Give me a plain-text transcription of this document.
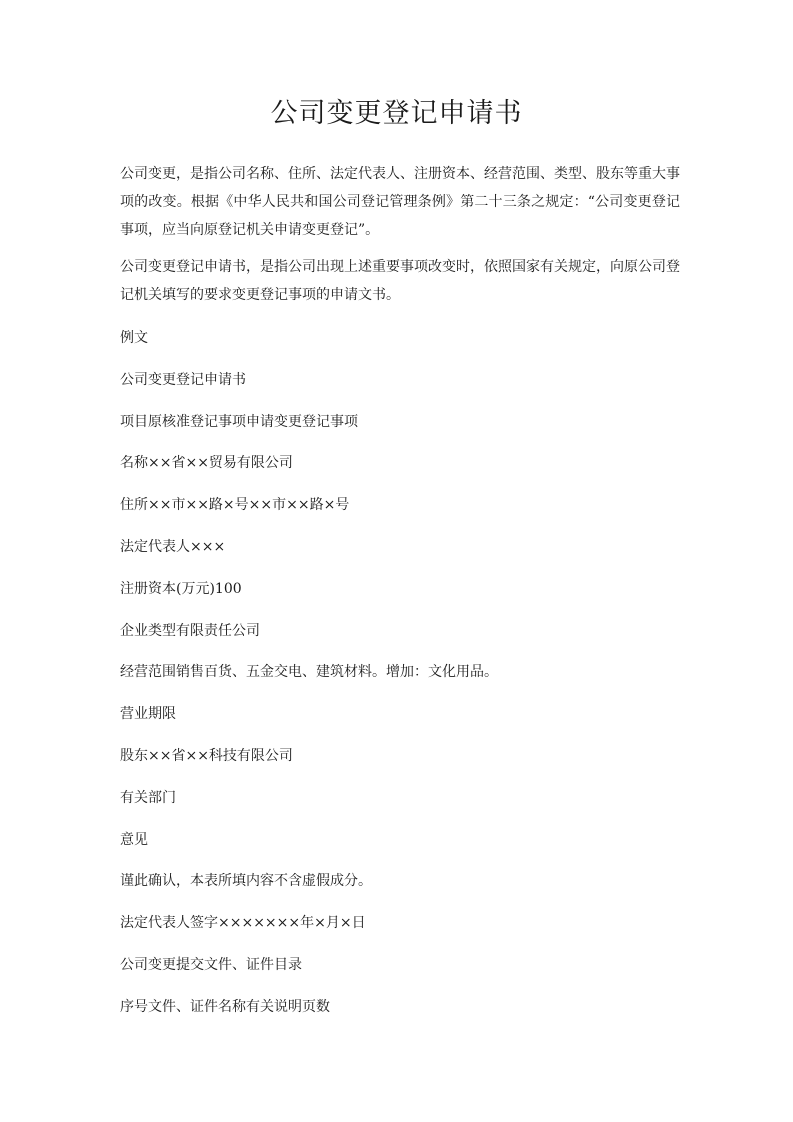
公司变更登记申请书

公司变更，是指公司名称、住所、法定代表人、注册资本、经营范围、类型、股东等重大事项的改变。根据《中华人民共和国公司登记管理条例》第二十三条之规定：“公司变更登记事项，应当向原登记机关申请变更登记”。

公司变更登记申请书，是指公司出现上述重要事项改变时，依照国家有关规定，向原公司登记机关填写的要求变更登记事项的申请文书。

例文

公司变更登记申请书

项目原核准登记事项申请变更登记事项

名称××省××贸易有限公司

住所××市××路×号××市××路×号

法定代表人×××

注册资本(万元)100

企业类型有限责任公司

经营范围销售百货、五金交电、建筑材料。增加：文化用品。

营业期限

股东××省××科技有限公司

有关部门

意见

谨此确认，本表所填内容不含虚假成分。

法定代表人签字×××××××年×月×日

公司变更提交文件、证件目录

序号文件、证件名称有关说明页数
